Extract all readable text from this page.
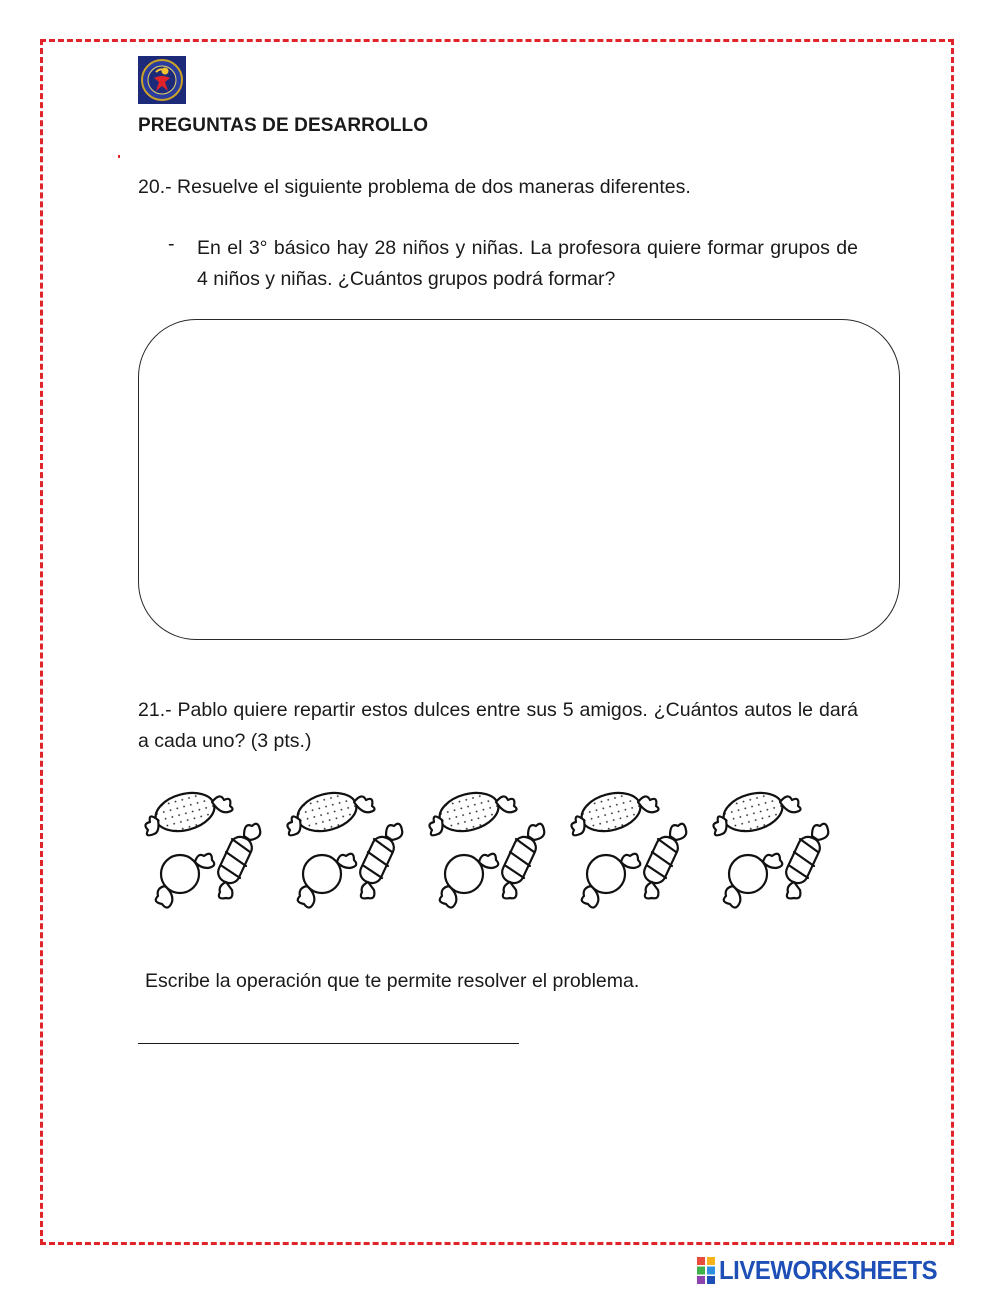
PREGUNTAS DE DESARROLLO
20.- Resuelve el siguiente problema de dos maneras diferentes.
- En el 3° básico hay 28 niños y niñas. La profesora quiere formar grupos de 4 niños y niñas. ¿Cuántos grupos podrá formar?
21.- Pablo quiere repartir estos dulces entre sus 5 amigos. ¿Cuántos autos le dará a cada uno? (3 pts.)
Escribe la operación que te permite resolver el problema.
LIVEWORKSHEETS
